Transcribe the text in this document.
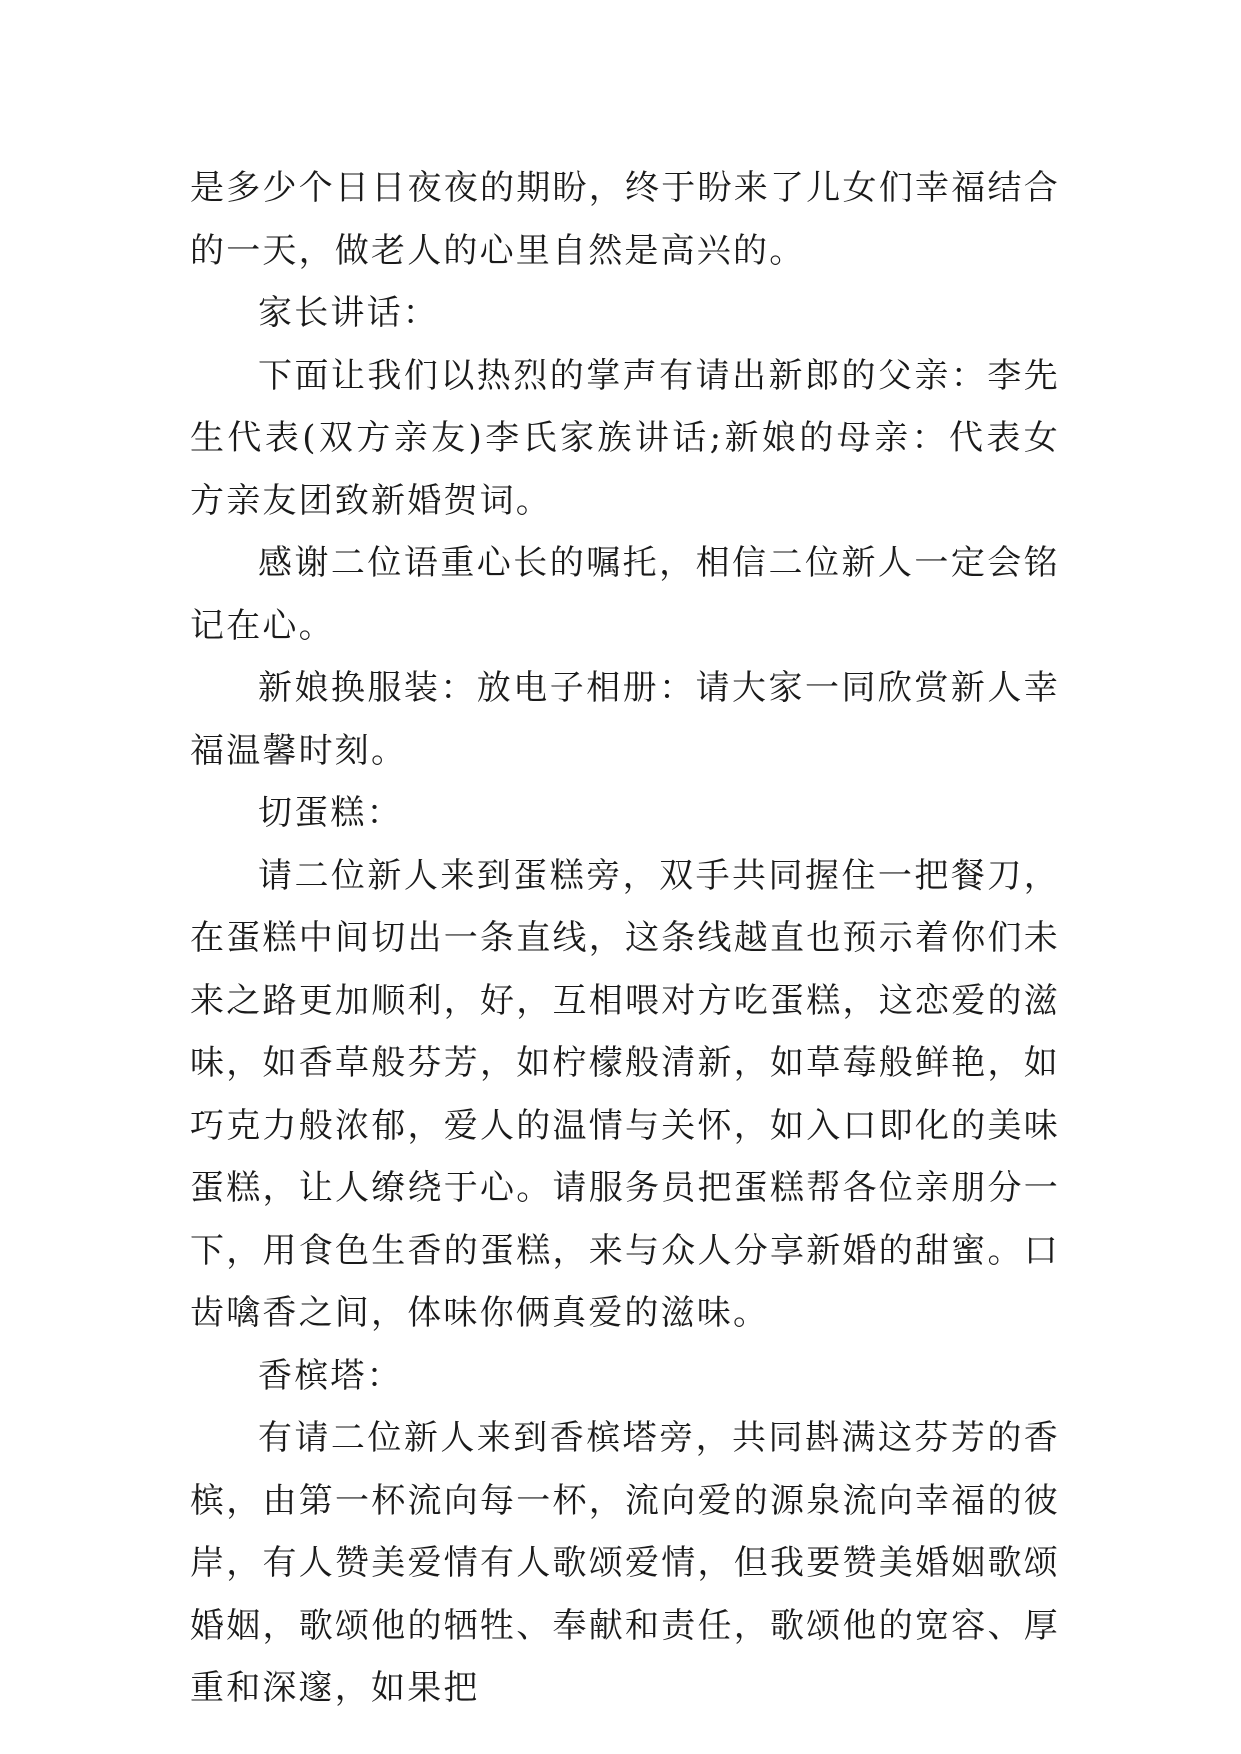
是多少个日日夜夜的期盼，终于盼来了儿女们幸福结合的一天，做老人的心里自然是高兴的。

家长讲话：

下面让我们以热烈的掌声有请出新郎的父亲：李先生代表(双方亲友)李氏家族讲话;新娘的母亲：代表女方亲友团致新婚贺词。

感谢二位语重心长的嘱托，相信二位新人一定会铭记在心。

新娘换服装：放电子相册：请大家一同欣赏新人幸福温馨时刻。

切蛋糕：

请二位新人来到蛋糕旁，双手共同握住一把餐刀，在蛋糕中间切出一条直线，这条线越直也预示着你们未来之路更加顺利，好，互相喂对方吃蛋糕，这恋爱的滋味，如香草般芬芳，如柠檬般清新，如草莓般鲜艳，如巧克力般浓郁，爱人的温情与关怀，如入口即化的美味蛋糕，让人缭绕于心。请服务员把蛋糕帮各位亲朋分一下，用食色生香的蛋糕，来与众人分享新婚的甜蜜。口齿噙香之间，体味你俩真爱的滋味。

香槟塔：

有请二位新人来到香槟塔旁，共同斟满这芬芳的香槟，由第一杯流向每一杯，流向爱的源泉流向幸福的彼岸，有人赞美爱情有人歌颂爱情，但我要赞美婚姻歌颂婚姻，歌颂他的牺牲、奉献和责任，歌颂他的宽容、厚重和深邃，如果把
